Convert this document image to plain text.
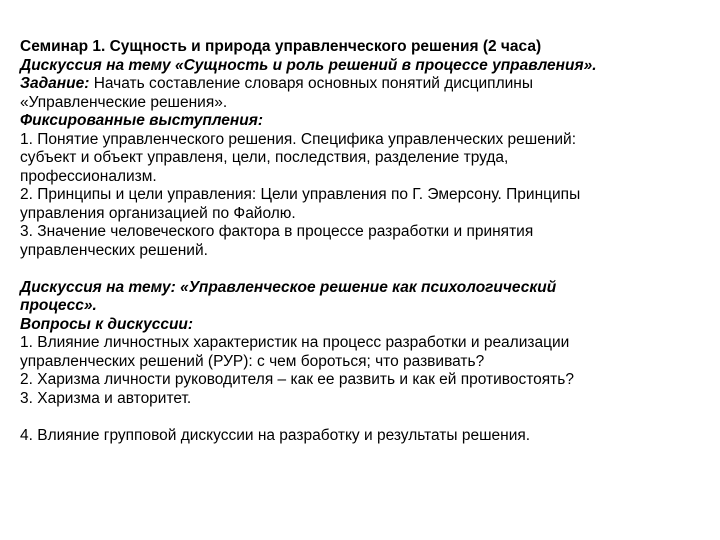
Семинар 1. Сущность и природа управленческого решения (2 часа)
Дискуссия на тему «Сущность и роль решений в процессе управления».
Задание: Начать составление словаря основных понятий дисциплины
«Управленческие решения».
Фиксированные выступления:
1. Понятие управленческого решения. Специфика управленческих решений:
субъект и объект управленя, цели, последствия, разделение труда,
профессионализм.
2. Принципы и цели управления: Цели управления по Г. Эмерсону. Принципы
управления организацией по Файолю.
3. Значение человеческого фактора в процессе разработки и принятия
управленческих решений.
Дискуссия на тему: «Управленческое решение как психологический
процесс».
Вопросы к дискуссии:
1. Влияние личностных характеристик на процесс разработки и реализации
управленческих решений (РУР): с чем бороться; что развивать?
2. Харизма личности руководителя – как ее развить и как ей противостоять?
3. Харизма и авторитет.
4. Влияние групповой дискуссии на разработку и результаты решения.
